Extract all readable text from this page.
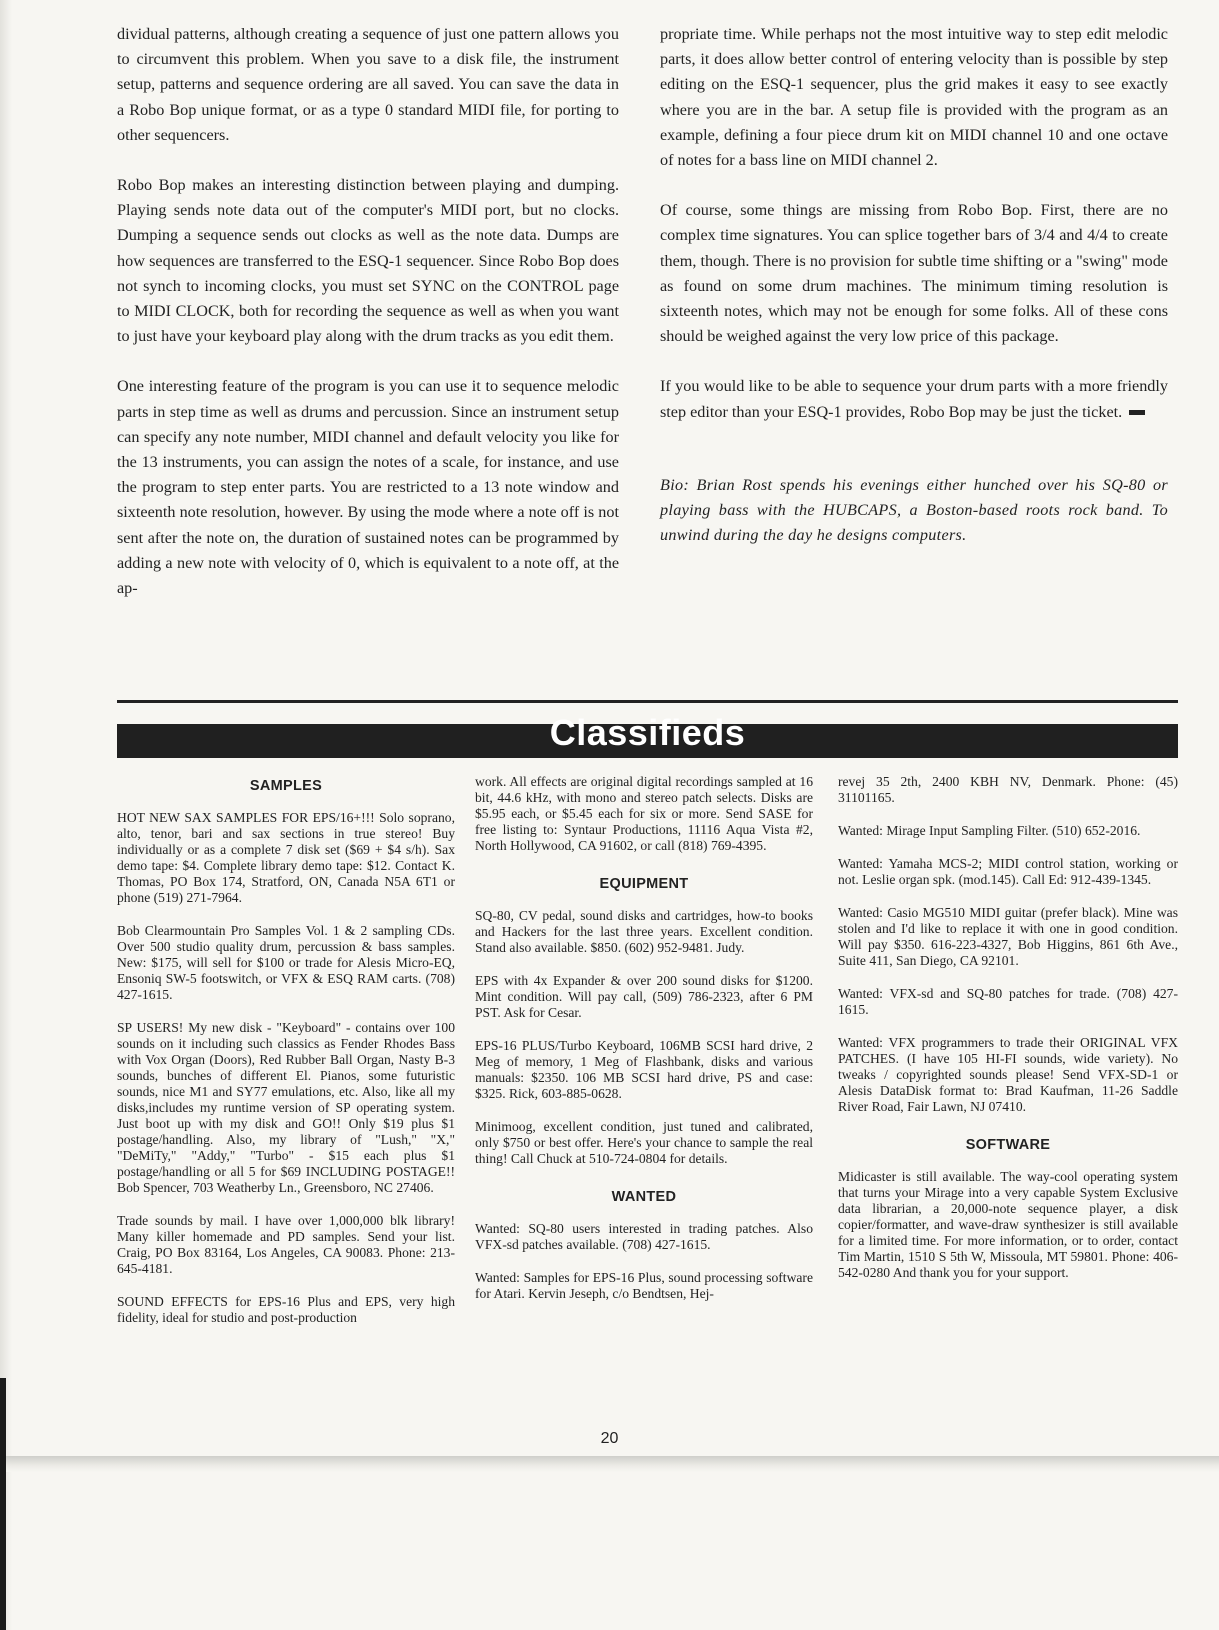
dividual patterns, although creating a sequence of just one pattern allows you to circumvent this problem. When you save to a disk file, the instrument setup, patterns and sequence ordering are all saved. You can save the data in a Robo Bop unique format, or as a type 0 standard MIDI file, for porting to other sequencers.

Robo Bop makes an interesting distinction between playing and dumping. Playing sends note data out of the computer's MIDI port, but no clocks. Dumping a sequence sends out clocks as well as the note data. Dumps are how sequences are transferred to the ESQ-1 sequencer. Since Robo Bop does not synch to incoming clocks, you must set SYNC on the CONTROL page to MIDI CLOCK, both for recording the sequence as well as when you want to just have your keyboard play along with the drum tracks as you edit them.

One interesting feature of the program is you can use it to sequence melodic parts in step time as well as drums and percussion. Since an instrument setup can specify any note number, MIDI channel and default velocity you like for the 13 instruments, you can assign the notes of a scale, for instance, and use the program to step enter parts. You are restricted to a 13 note window and sixteenth note resolution, however. By using the mode where a note off is not sent after the note on, the duration of sustained notes can be programmed by adding a new note with velocity of 0, which is equivalent to a note off, at the ap-

propriate time. While perhaps not the most intuitive way to step edit melodic parts, it does allow better control of entering velocity than is possible by step editing on the ESQ-1 sequencer, plus the grid makes it easy to see exactly where you are in the bar. A setup file is provided with the program as an example, defining a four piece drum kit on MIDI channel 10 and one octave of notes for a bass line on MIDI channel 2.

Of course, some things are missing from Robo Bop. First, there are no complex time signatures. You can splice together bars of 3/4 and 4/4 to create them, though. There is no provision for subtle time shifting or a "swing" mode as found on some drum machines. The minimum timing resolution is sixteenth notes, which may not be enough for some folks. All of these cons should be weighed against the very low price of this package.

If you would like to be able to sequence your drum parts with a more friendly step editor than your ESQ-1 provides, Robo Bop may be just the ticket.

Bio: Brian Rost spends his evenings either hunched over his SQ-80 or playing bass with the HUBCAPS, a Boston-based roots rock band. To unwind during the day he designs computers.

Classifieds
SAMPLES

HOT NEW SAX SAMPLES FOR EPS/16+!!! Solo soprano, alto, tenor, bari and sax sections in true stereo! Buy individually or as a complete 7 disk set ($69 + $4 s/h). Sax demo tape: $4. Complete library demo tape: $12. Contact K. Thomas, PO Box 174, Stratford, ON, Canada N5A 6T1 or phone (519) 271-7964.

Bob Clearmountain Pro Samples Vol. 1 & 2 sampling CDs. Over 500 studio quality drum, percussion & bass samples. New: $175, will sell for $100 or trade for Alesis Micro-EQ, Ensoniq SW-5 footswitch, or VFX & ESQ RAM carts. (708) 427-1615.

SP USERS! My new disk - "Keyboard" - contains over 100 sounds on it including such classics as Fender Rhodes Bass with Vox Organ (Doors), Red Rubber Ball Organ, Nasty B-3 sounds, bunches of different El. Pianos, some futuristic sounds, nice M1 and SY77 emulations, etc. Also, like all my disks,includes my runtime version of SP operating system. Just boot up with my disk and GO!! Only $19 plus $1 postage/handling. Also, my library of "Lush," "X," "DeMiTy," "Addy," "Turbo" - $15 each plus $1 postage/handling or all 5 for $69 INCLUDING POSTAGE!! Bob Spencer, 703 Weatherby Ln., Greensboro, NC 27406.

Trade sounds by mail. I have over 1,000,000 blk library! Many killer homemade and PD samples. Send your list. Craig, PO Box 83164, Los Angeles, CA 90083. Phone: 213-645-4181.

SOUND EFFECTS for EPS-16 Plus and EPS, very high fidelity, ideal for studio and post-production

work. All effects are original digital recordings sampled at 16 bit, 44.6 kHz, with mono and stereo patch selects. Disks are $5.95 each, or $5.45 each for six or more. Send SASE for free listing to: Syntaur Productions, 11116 Aqua Vista #2, North Hollywood, CA 91602, or call (818) 769-4395.

EQUIPMENT

SQ-80, CV pedal, sound disks and cartridges, how-to books and Hackers for the last three years. Excellent condition. Stand also available. $850. (602) 952-9481. Judy.

EPS with 4x Expander & over 200 sound disks for $1200. Mint condition. Will pay call, (509) 786-2323, after 6 PM PST. Ask for Cesar.

EPS-16 PLUS/Turbo Keyboard, 106MB SCSI hard drive, 2 Meg of memory, 1 Meg of Flashbank, disks and various manuals: $2350. 106 MB SCSI hard drive, PS and case: $325. Rick, 603-885-0628.

Minimoog, excellent condition, just tuned and calibrated, only $750 or best offer. Here's your chance to sample the real thing! Call Chuck at 510-724-0804 for details.

WANTED

Wanted: SQ-80 users interested in trading patches. Also VFX-sd patches available. (708) 427-1615.

Wanted: Samples for EPS-16 Plus, sound processing software for Atari. Kervin Jeseph, c/o Bendtsen, Hej-

revej 35 2th, 2400 KBH NV, Denmark. Phone: (45) 31101165.

Wanted: Mirage Input Sampling Filter. (510) 652-2016.

Wanted: Yamaha MCS-2; MIDI control station, working or not. Leslie organ spk. (mod.145). Call Ed: 912-439-1345.

Wanted: Casio MG510 MIDI guitar (prefer black). Mine was stolen and I'd like to replace it with one in good condition. Will pay $350. 616-223-4327, Bob Higgins, 861 6th Ave., Suite 411, San Diego, CA 92101.

Wanted: VFX-sd and SQ-80 patches for trade. (708) 427-1615.

Wanted: VFX programmers to trade their ORIGINAL VFX PATCHES. (I have 105 HI-FI sounds, wide variety). No tweaks / copyrighted sounds please! Send VFX-SD-1 or Alesis DataDisk format to: Brad Kaufman, 11-26 Saddle River Road, Fair Lawn, NJ 07410.

SOFTWARE

Midicaster is still available. The way-cool operating system that turns your Mirage into a very capable System Exclusive data librarian, a 20,000-note sequence player, a disk copier/formatter, and wave-draw synthesizer is still available for a limited time. For more information, or to order, contact Tim Martin, 1510 S 5th W, Missoula, MT 59801. Phone: 406-542-0280 And thank you for your support.

20
